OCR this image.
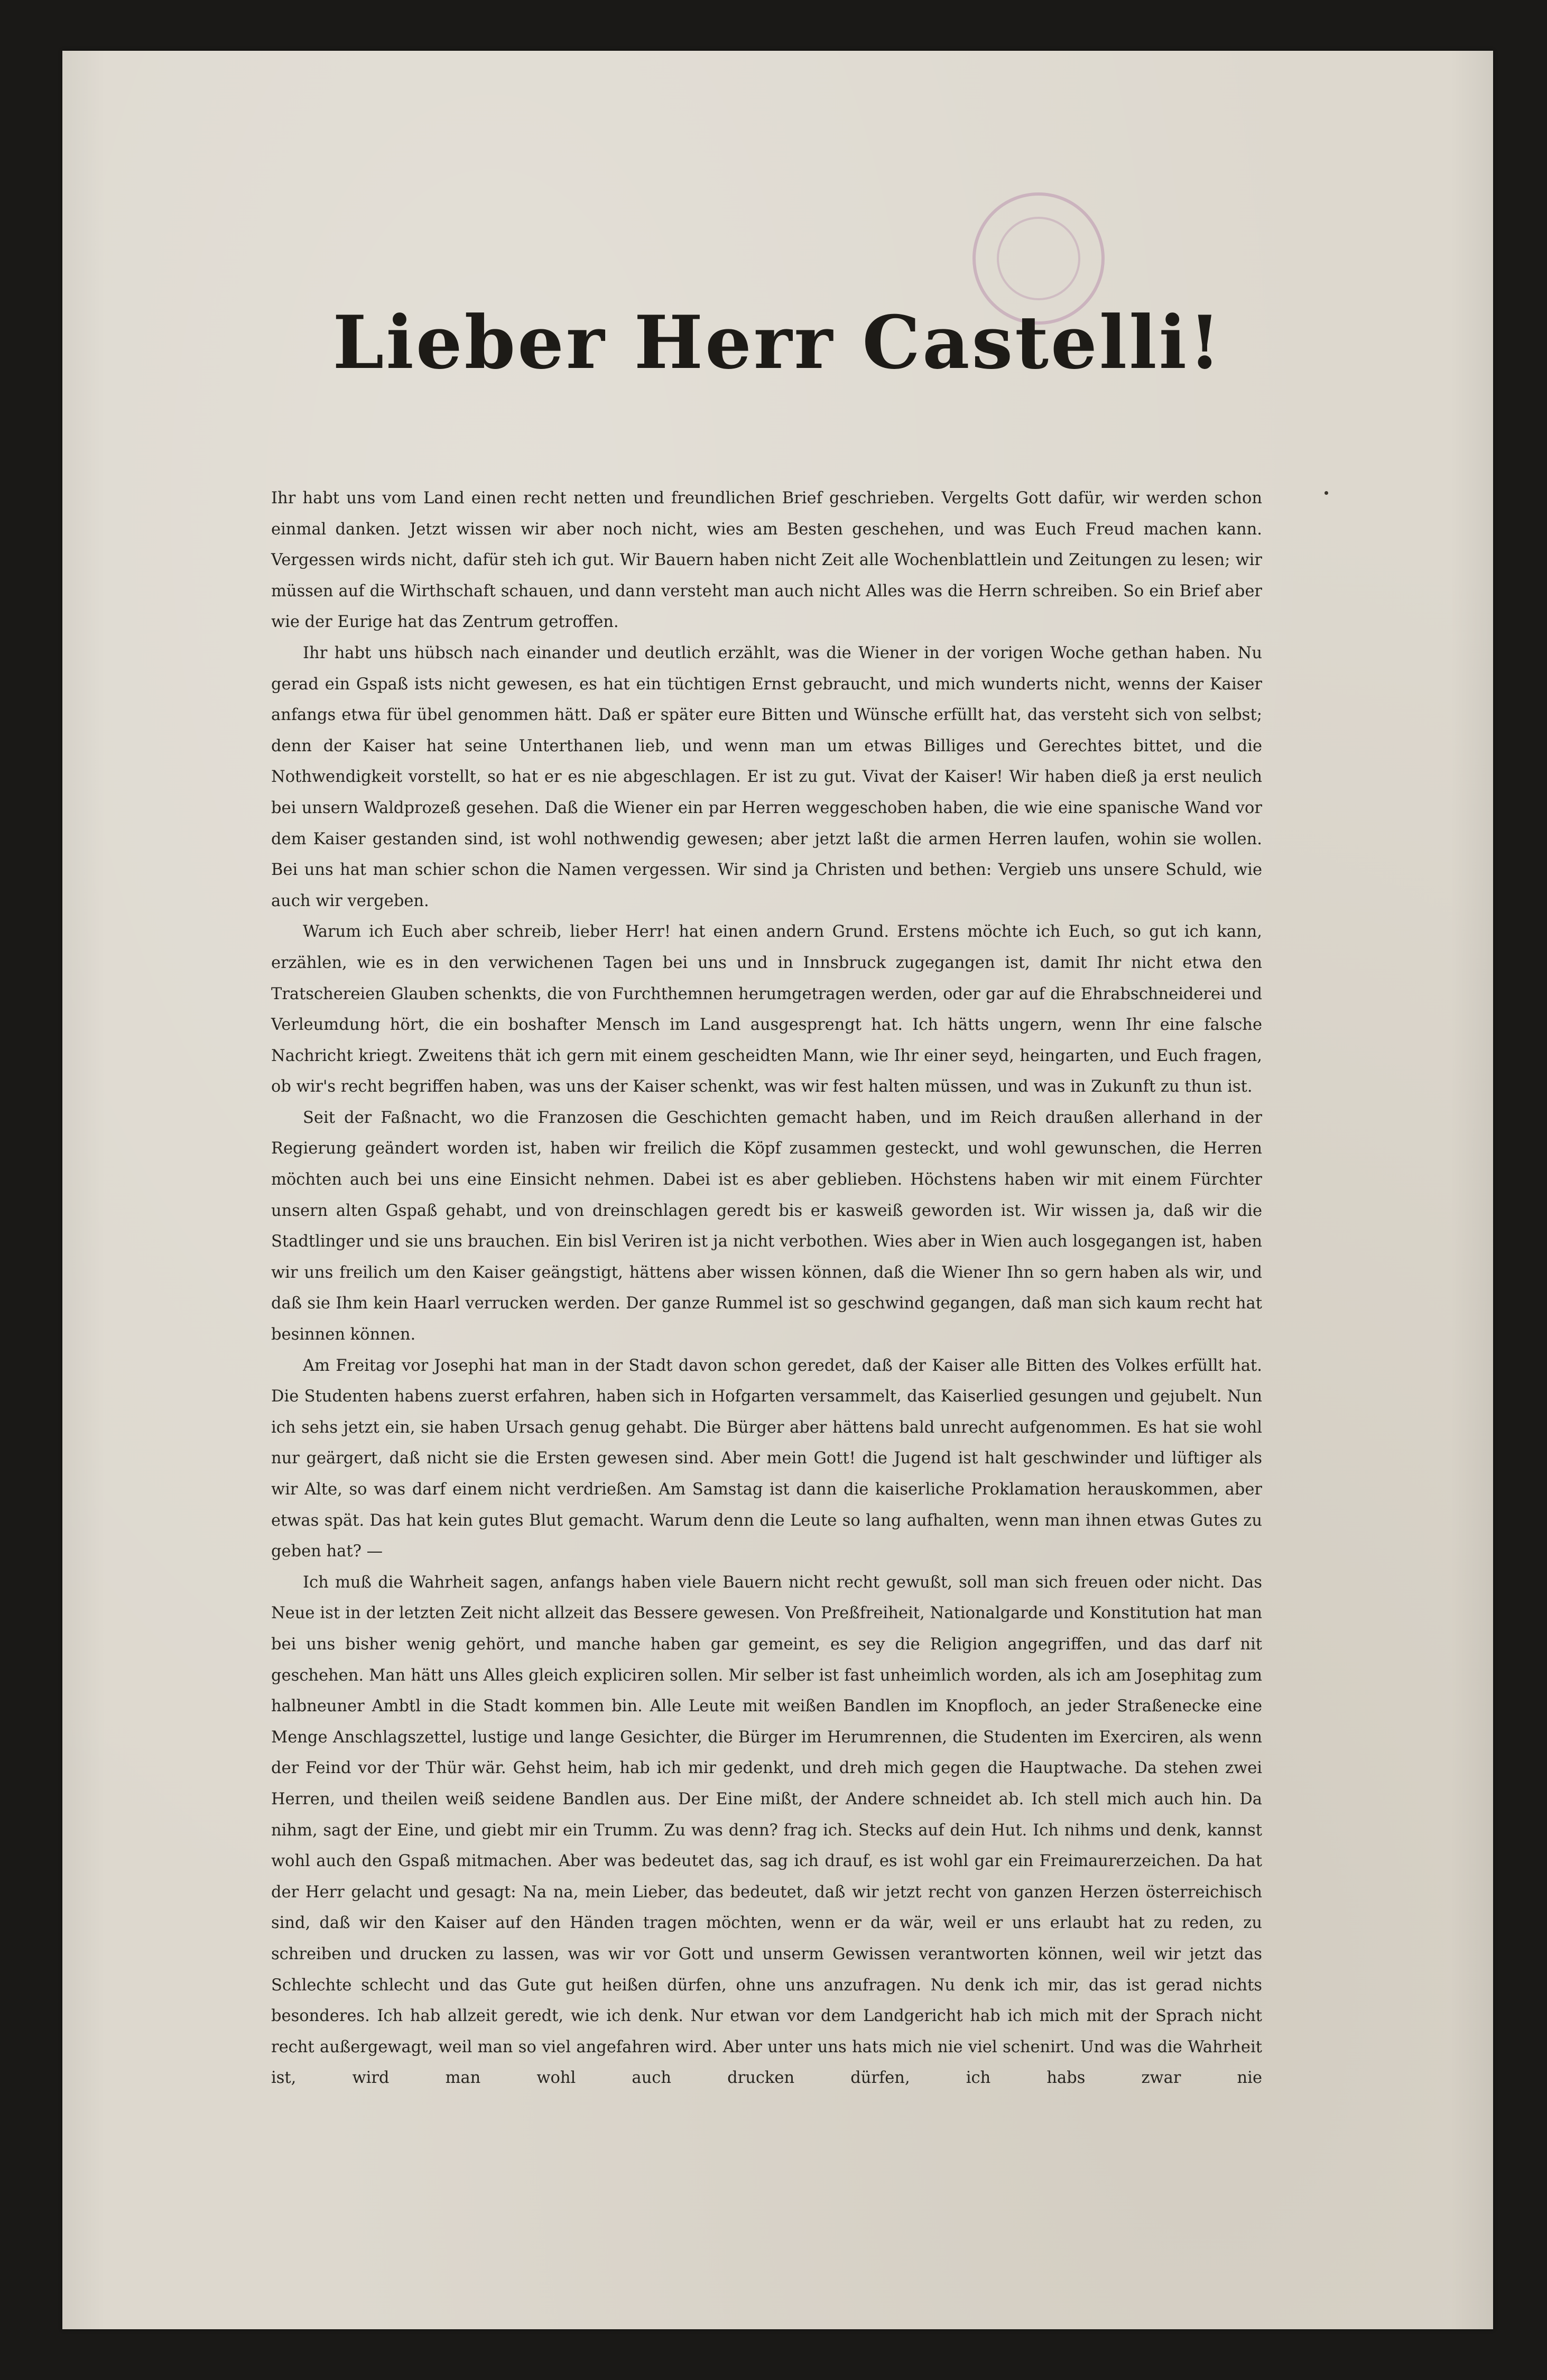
Lieber Herr Castelli!

Ihr habt uns vom Land einen recht netten und freundlichen Brief geschrieben. Vergelts Gott dafür, wir werden schon einmal danken. Jetzt wissen wir aber noch nicht, wies am Besten geschehen, und was Euch Freud machen kann. Vergessen wirds nicht, dafür steh ich gut. Wir Bauern haben nicht Zeit alle Wochenblattlein und Zeitungen zu lesen; wir müssen auf die Wirthschaft schauen, und dann versteht man auch nicht Alles was die Herrn schreiben. So ein Brief aber wie der Eurige hat das Zentrum getroffen.

Ihr habt uns hübsch nach einander und deutlich erzählt, was die Wiener in der vorigen Woche gethan haben. Nu gerad ein Gspaß ists nicht gewesen, es hat ein tüchtigen Ernst gebraucht, und mich wunderts nicht, wenns der Kaiser anfangs etwa für übel genommen hätt. Daß er später eure Bitten und Wünsche erfüllt hat, das versteht sich von selbst; denn der Kaiser hat seine Unterthanen lieb, und wenn man um etwas Billiges und Gerechtes bittet, und die Nothwendigkeit vorstellt, so hat er es nie abgeschlagen. Er ist zu gut. Vivat der Kaiser! Wir haben dieß ja erst neulich bei unsern Waldprozeß gesehen. Daß die Wiener ein par Herren weggeschoben haben, die wie eine spanische Wand vor dem Kaiser gestanden sind, ist wohl nothwendig gewesen; aber jetzt laßt die armen Herren laufen, wohin sie wollen. Bei uns hat man schier schon die Namen vergessen. Wir sind ja Christen und bethen: Vergieb uns unsere Schuld, wie auch wir vergeben.

Warum ich Euch aber schreib, lieber Herr! hat einen andern Grund. Erstens möchte ich Euch, so gut ich kann, erzählen, wie es in den verwichenen Tagen bei uns und in Innsbruck zugegangen ist, damit Ihr nicht etwa den Tratschereien Glauben schenkts, die von Furchthemnen herumgetragen werden, oder gar auf die Ehrabschneiderei und Verleumdung hört, die ein boshafter Mensch im Land ausgesprengt hat. Ich hätts ungern, wenn Ihr eine falsche Nachricht kriegt. Zweitens thät ich gern mit einem gescheidten Mann, wie Ihr einer seyd, heingarten, und Euch fragen, ob wir's recht begriffen haben, was uns der Kaiser schenkt, was wir fest halten müssen, und was in Zukunft zu thun ist.

Seit der Faßnacht, wo die Franzosen die Geschichten gemacht haben, und im Reich draußen allerhand in der Regierung geändert worden ist, haben wir freilich die Köpf zusammen gesteckt, und wohl gewunschen, die Herren möchten auch bei uns eine Einsicht nehmen. Dabei ist es aber geblieben. Höchstens haben wir mit einem Fürchter unsern alten Gspaß gehabt, und von dreinschlagen geredt bis er kasweiß geworden ist. Wir wissen ja, daß wir die Stadtlinger und sie uns brauchen. Ein bisl Veriren ist ja nicht verbothen. Wies aber in Wien auch losgegangen ist, haben wir uns freilich um den Kaiser geängstigt, hättens aber wissen können, daß die Wiener Ihn so gern haben als wir, und daß sie Ihm kein Haarl verrucken werden. Der ganze Rummel ist so geschwind gegangen, daß man sich kaum recht hat besinnen können.

Am Freitag vor Josephi hat man in der Stadt davon schon geredet, daß der Kaiser alle Bitten des Volkes erfüllt hat. Die Studenten habens zuerst erfahren, haben sich in Hofgarten versammelt, das Kaiserlied gesungen und gejubelt. Nun ich sehs jetzt ein, sie haben Ursach genug gehabt. Die Bürger aber hättens bald unrecht aufgenommen. Es hat sie wohl nur geärgert, daß nicht sie die Ersten gewesen sind. Aber mein Gott! die Jugend ist halt geschwinder und lüftiger als wir Alte, so was darf einem nicht verdrießen. Am Samstag ist dann die kaiserliche Proklamation herauskommen, aber etwas spät. Das hat kein gutes Blut gemacht. Warum denn die Leute so lang aufhalten, wenn man ihnen etwas Gutes zu geben hat? —

Ich muß die Wahrheit sagen, anfangs haben viele Bauern nicht recht gewußt, soll man sich freuen oder nicht. Das Neue ist in der letzten Zeit nicht allzeit das Bessere gewesen. Von Preßfreiheit, Nationalgarde und Konstitution hat man bei uns bisher wenig gehört, und manche haben gar gemeint, es sey die Religion angegriffen, und das darf nit geschehen. Man hätt uns Alles gleich expliciren sollen. Mir selber ist fast unheimlich worden, als ich am Josephitag zum halbneuner Ambtl in die Stadt kommen bin. Alle Leute mit weißen Bandlen im Knopfloch, an jeder Straßenecke eine Menge Anschlagszettel, lustige und lange Gesichter, die Bürger im Herumrennen, die Studenten im Exerciren, als wenn der Feind vor der Thür wär. Gehst heim, hab ich mir gedenkt, und dreh mich gegen die Hauptwache. Da stehen zwei Herren, und theilen weiß seidene Bandlen aus. Der Eine mißt, der Andere schneidet ab. Ich stell mich auch hin. Da nihm, sagt der Eine, und giebt mir ein Trumm. Zu was denn? frag ich. Stecks auf dein Hut. Ich nihms und denk, kannst wohl auch den Gspaß mitmachen. Aber was bedeutet das, sag ich drauf, es ist wohl gar ein Freimaurerzeichen. Da hat der Herr gelacht und gesagt: Na na, mein Lieber, das bedeutet, daß wir jetzt recht von ganzen Herzen österreichisch sind, daß wir den Kaiser auf den Händen tragen möchten, wenn er da wär, weil er uns erlaubt hat zu reden, zu schreiben und drucken zu lassen, was wir vor Gott und unserm Gewissen verantworten können, weil wir jetzt das Schlechte schlecht und das Gute gut heißen dürfen, ohne uns anzufragen. Nu denk ich mir, das ist gerad nichts besonderes. Ich hab allzeit geredt, wie ich denk. Nur etwan vor dem Landgericht hab ich mich mit der Sprach nicht recht außergewagt, weil man so viel angefahren wird. Aber unter uns hats mich nie viel schenirt. Und was die Wahrheit ist, wird man wohl auch drucken dürfen, ich habs zwar nie
